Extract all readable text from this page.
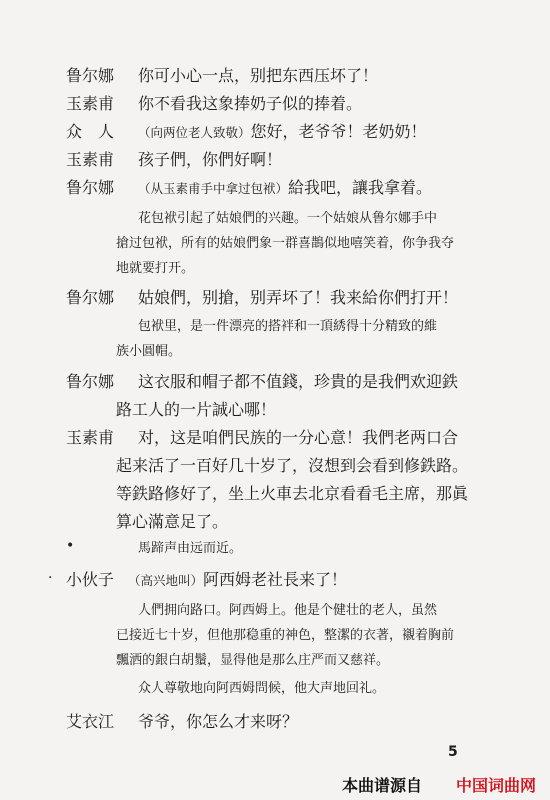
鲁尔娜 你可小心一点，别把东西压坏了！
玉素甫 你不看我这象捧奶子似的捧着。
众　人 （向两位老人致敬）您好，老爷爷！老奶奶！
玉素甫 孩子們，你們好啊！
鲁尔娜 （从玉素甫手中拿过包袱）給我吧，讓我拿着。
花包袱引起了姑娘們的兴趣。一个姑娘从鲁尔娜手中
搶过包袱，所有的姑娘們象一群喜鵲似地嘻笑着，你争我夺
地就要打开。
鲁尔娜 姑娘們，别搶，别弄坏了！我来給你們打开！
包袱里，是一件漂亮的搭袢和一頂綉得十分精致的維
族小圓帽。
鲁尔娜 这衣服和帽子都不值錢，珍貴的是我們欢迎鉄
路工人的一片誠心哪！
玉素甫 对，这是咱們民族的一分心意！我們老两口合
起来活了一百好几十岁了，沒想到会看到修鉄路。
等鉄路修好了，坐上火車去北京看看毛主席，那眞
算心滿意足了。
•	馬蹄声由远而近。
· 小伙子 （高兴地叫）阿西姆老社長来了！
人們拥向路口。阿西姆上。他是个健壮的老人，虽然
已接近七十岁，但他那稳重的神色，整潔的衣著，襯着胸前
飄洒的銀白胡鬚，显得他是那么庄严而又慈祥。
众人尊敬地向阿西姆問候，他大声地回礼。
艾衣江 爷爷，你怎么才来呀？
5
本曲谱源自 中国词曲网
